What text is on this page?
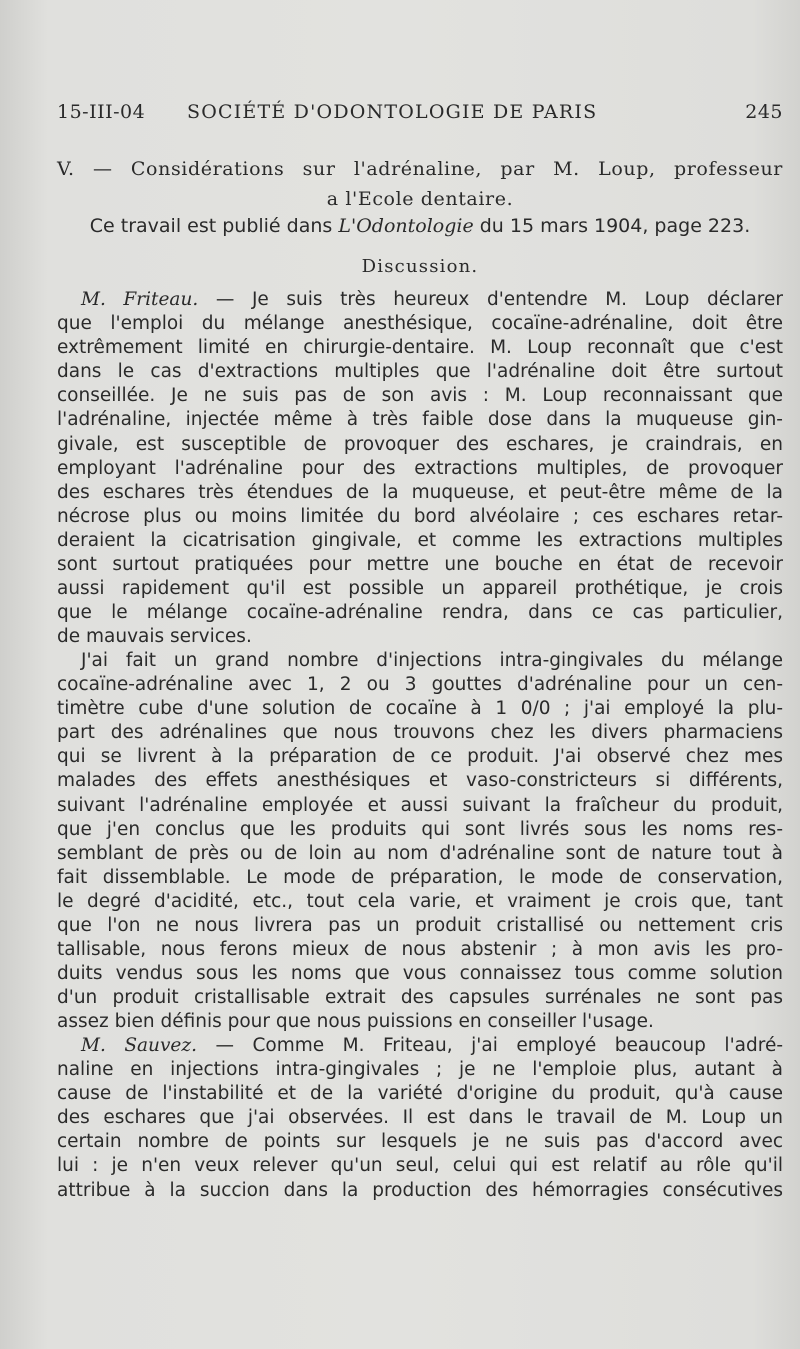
15-III-04 SOCIÉTÉ D'ODONTOLOGIE DE PARIS	245
V. — Considérations sur l'adrénaline, par M. Loup, professeur
a l'Ecole dentaire.
Ce travail est publié dans L'Odontologie du 15 mars 1904, page 223.
Discussion.
M. Friteau. — Je suis très heureux d'entendre M. Loup déclarer
que l'emploi du mélange anesthésique, cocaïne-adrénaline, doit être
extrêmement limité en chirurgie-dentaire. M. Loup reconnaît que c'est
dans le cas d'extractions multiples que l'adrénaline doit être surtout
conseillée. Je ne suis pas de son avis : M. Loup reconnaissant que
l'adrénaline, injectée même à très faible dose dans la muqueuse gin-
givale, est susceptible de provoquer des eschares, je craindrais, en
employant l'adrénaline pour des extractions multiples, de provoquer
des eschares très étendues de la muqueuse, et peut-être même de la
nécrose plus ou moins limitée du bord alvéolaire ; ces eschares retar-
deraient la cicatrisation gingivale, et comme les extractions multiples
sont surtout pratiquées pour mettre une bouche en état de recevoir
aussi rapidement qu'il est possible un appareil prothétique, je crois
que le mélange cocaïne-adrénaline rendra, dans ce cas particulier,
de mauvais services.
J'ai fait un grand nombre d'injections intra-gingivales du mélange
cocaïne-adrénaline avec 1, 2 ou 3 gouttes d'adrénaline pour un cen-
timètre cube d'une solution de cocaïne à 1 0/0 ; j'ai employé la plu-
part des adrénalines que nous trouvons chez les divers pharmaciens
qui se livrent à la préparation de ce produit. J'ai observé chez mes
malades des effets anesthésiques et vaso-constricteurs si différents,
suivant l'adrénaline employée et aussi suivant la fraîcheur du produit,
que j'en conclus que les produits qui sont livrés sous les noms res-
semblant de près ou de loin au nom d'adrénaline sont de nature tout à
fait dissemblable. Le mode de préparation, le mode de conservation,
le degré d'acidité, etc., tout cela varie, et vraiment je crois que, tant
que l'on ne nous livrera pas un produit cristallisé ou nettement cris
tallisable, nous ferons mieux de nous abstenir ; à mon avis les pro-
duits vendus sous les noms que vous connaissez tous comme solution
d'un produit cristallisable extrait des capsules surrénales ne sont pas
assez bien définis pour que nous puissions en conseiller l'usage.
M. Sauvez. — Comme M. Friteau, j'ai employé beaucoup l'adré-
naline en injections intra-gingivales ; je ne l'emploie plus, autant à
cause de l'instabilité et de la variété d'origine du produit, qu'à cause
des eschares que j'ai observées. Il est dans le travail de M. Loup un
certain nombre de points sur lesquels je ne suis pas d'accord avec
lui : je n'en veux relever qu'un seul, celui qui est relatif au rôle qu'il
attribue à la succion dans la production des hémorragies consécutives
